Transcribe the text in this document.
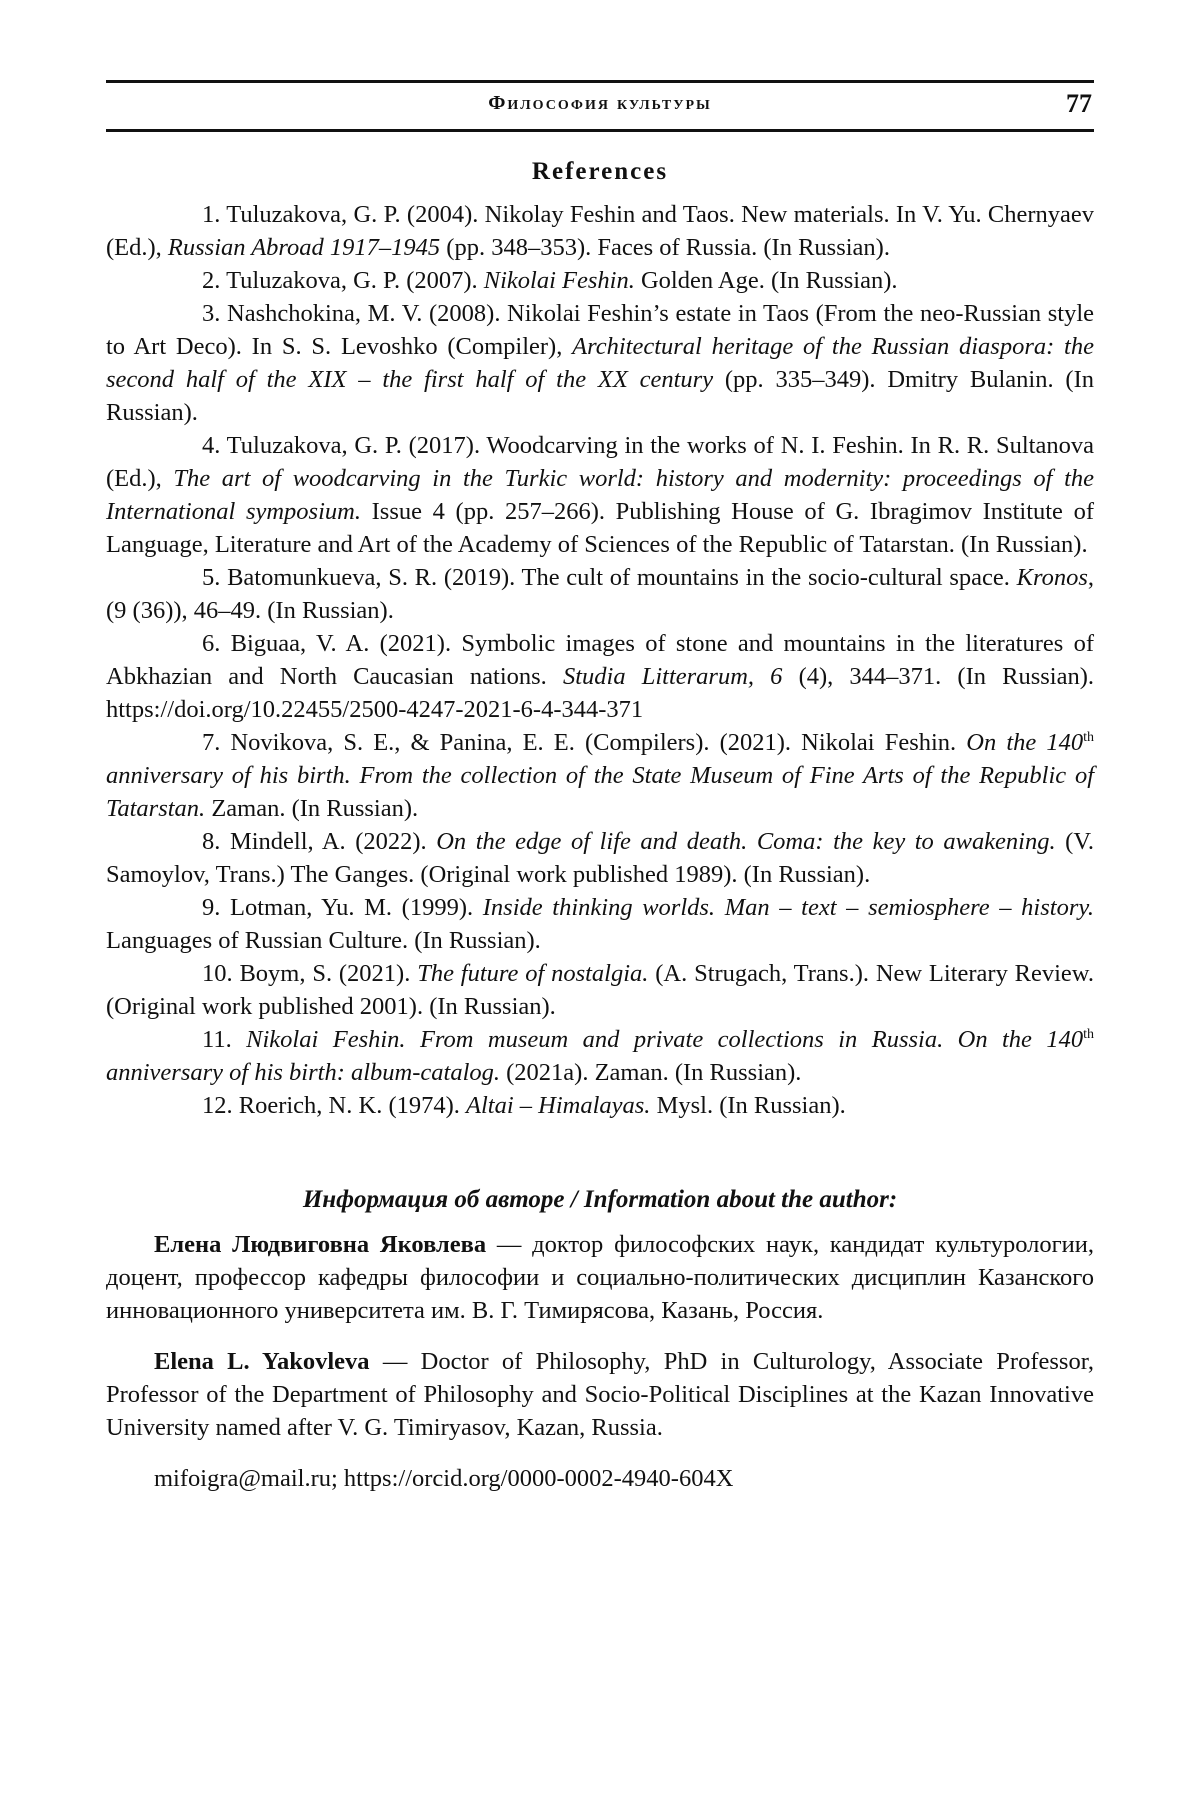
Философия культуры	77
References

1. Tuluzakova, G. P. (2004). Nikolay Feshin and Taos. New materials. In V. Yu. Chernyaev (Ed.), Russian Abroad 1917–1945 (pp. 348–353). Faces of Russia. (In Russian).

2. Tuluzakova, G. P. (2007). Nikolai Feshin. Golden Age. (In Russian).

3. Nashchokina, M. V. (2008). Nikolai Feshin’s estate in Taos (From the neo-Russian style to Art Deco). In S. S. Levoshko (Compiler), Architectural heritage of the Russian diaspora: the second half of the XIX – the first half of the XX century (pp. 335–349). Dmitry Bulanin. (In Russian).

4. Tuluzakova, G. P. (2017). Woodcarving in the works of N. I. Feshin. In R. R. Sultanova (Ed.), The art of woodcarving in the Turkic world: history and modernity: proceedings of the International symposium. Issue 4 (pp. 257–266). Publishing House of G. Ibragimov Institute of Language, Literature and Art of the Academy of Sciences of the Republic of Tatarstan. (In Russian).

5. Batomunkueva, S. R. (2019). The cult of mountains in the socio-cultural space. Kronos, (9 (36)), 46–49. (In Russian).

6. Biguaa, V. A. (2021). Symbolic images of stone and mountains in the literatures of Abkhazian and North Caucasian nations. Studia Litterarum, 6 (4), 344–371. (In Russian). https://doi.org/10.22455/2500-4247-2021-6-4-344-371

7. Novikova, S. E., & Panina, E. E. (Compilers). (2021). Nikolai Feshin. On the 140th anniversary of his birth. From the collection of the State Museum of Fine Arts of the Republic of Tatarstan. Zaman. (In Russian).

8. Mindell, A. (2022). On the edge of life and death. Coma: the key to awakening. (V. Samoylov, Trans.) The Ganges. (Original work published 1989). (In Russian).

9. Lotman, Yu. M. (1999). Inside thinking worlds. Man – text – semiosphere – history. Languages of Russian Culture. (In Russian).

10. Boym, S. (2021). The future of nostalgia. (A. Strugach, Trans.). New Literary Review. (Original work published 2001). (In Russian).

11. Nikolai Feshin. From museum and private collections in Russia. On the 140th anniversary of his birth: album-catalog. (2021a). Zaman. (In Russian).

12. Roerich, N. K. (1974). Altai – Himalayas. Mysl. (In Russian).

Информация об авторе / Information about the author:

Елена Людвиговна Яковлева — доктор философских наук, кандидат культурологии, доцент, профессор кафедры философии и социально-политических дисциплин Казанского инновационного университета им. В. Г. Тимирясова, Казань, Россия.

Elena L. Yakovleva — Doctor of Philosophy, PhD in Culturology, Associate Professor, Professor of the Department of Philosophy and Socio-Political Disciplines at the Kazan Innovative University named after V. G. Timiryasov, Kazan, Russia.

mifoigra@mail.ru; https://orcid.org/0000-0002-4940-604X
